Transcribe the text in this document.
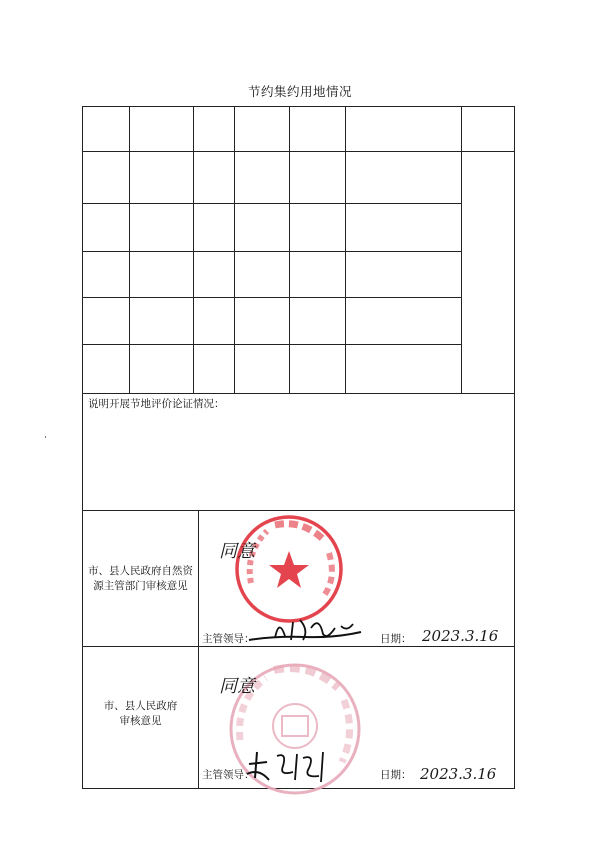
节约集约用地情况
说明开展节地评价论证情况：
市、县人民政府自然资
源主管部门审核意见
主管领导：	日期：
市、县人民政府
审核意见
主管领导：	日期：
同意
2023.3.16
同意
2023.3.16
